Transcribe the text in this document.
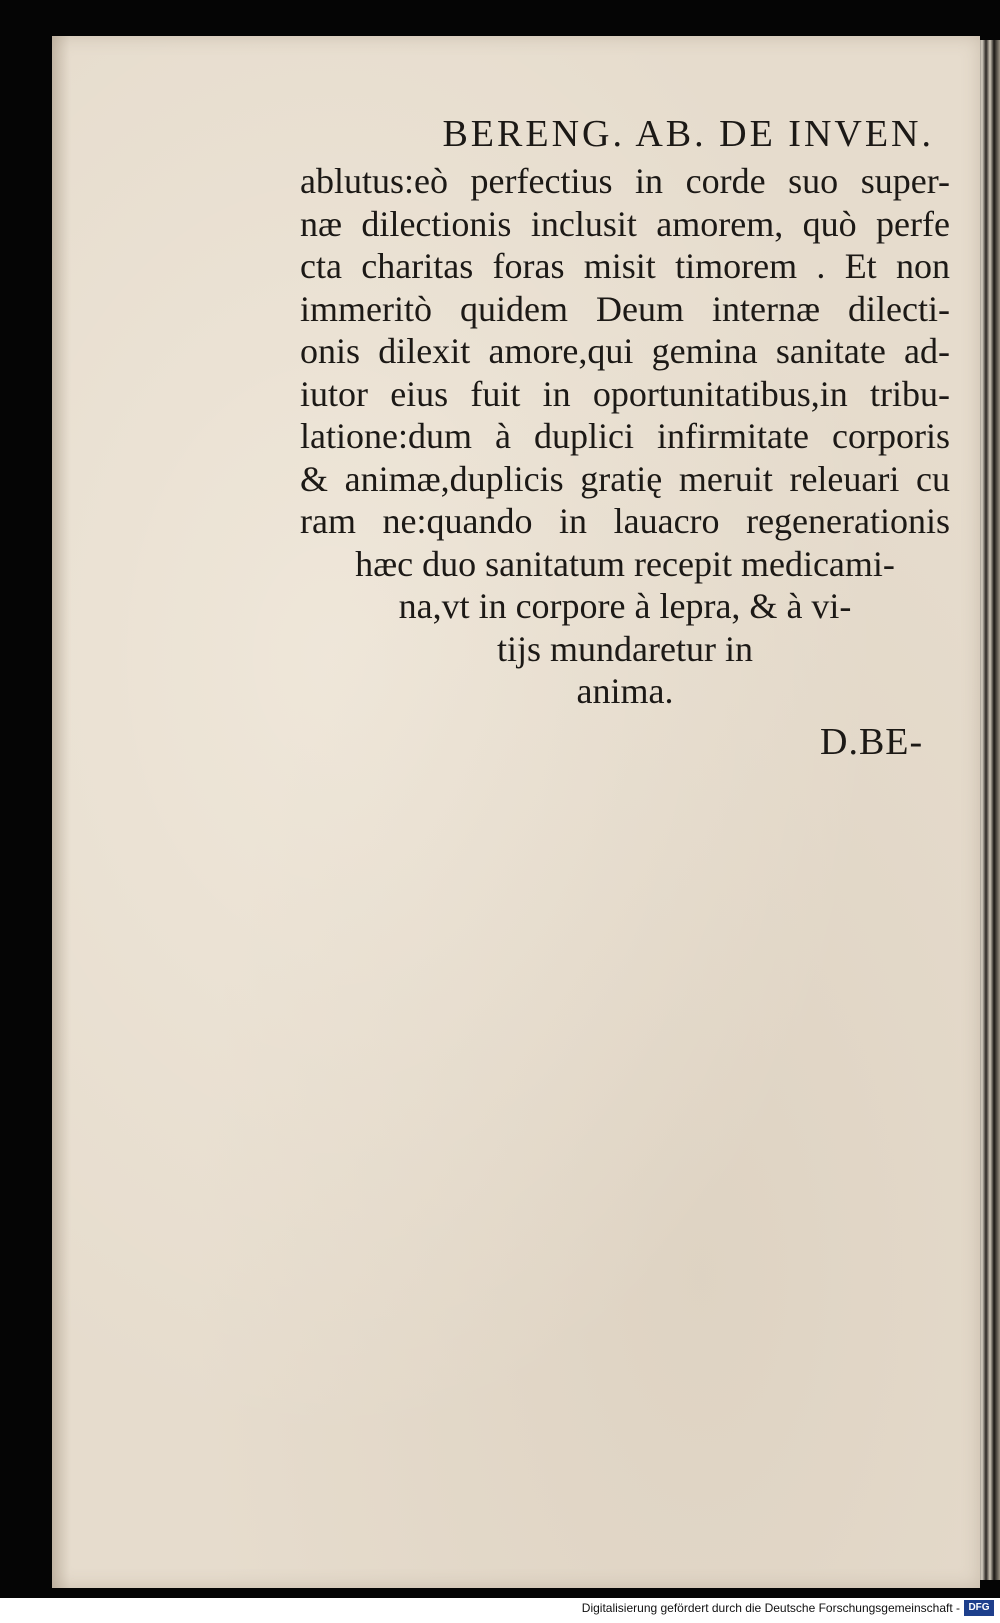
BERENG. AB. DE INVEN.
ablutus:eò perfectius in corde suo super-
næ dilectionis inclusit amorem, quò perfe
cta charitas foras misit timorem . Et non
immeritò quidem Deum internæ dilecti-
onis dilexit amore,qui gemina sanitate ad-
iutor eius fuit in oportunitatibus,in tribu-
latione:dum à duplici infirmitate corporis
& animæ,duplicis gratię meruit releuari cu
ram ne:quando in lauacro regenerationis
hæc duo sanitatum recepit medicami-
na,vt in corpore à lepra, & à vi-
tijs mundaretur in
anima.
D.BE-
Digitalisierung gefördert durch die Deutsche Forschungsgemeinschaft - DFG
